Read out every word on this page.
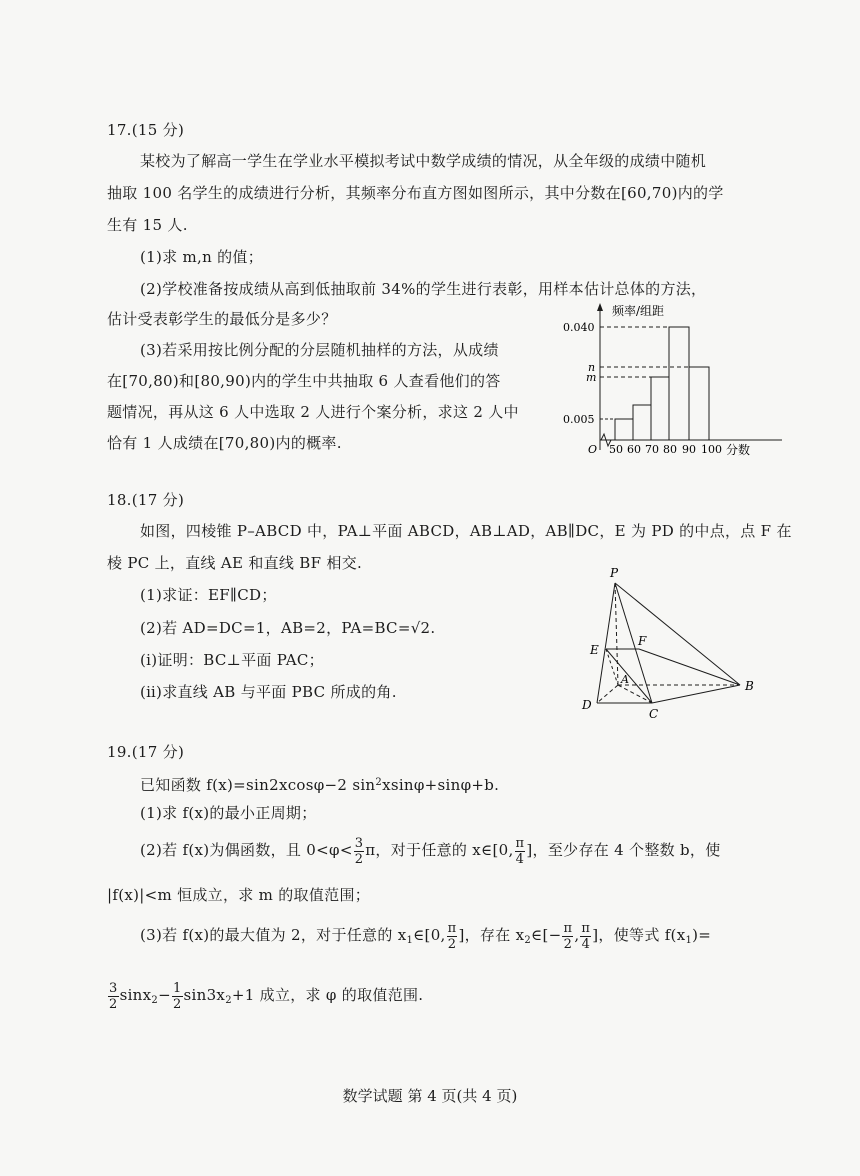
17.(15 分)
某校为了解高一学生在学业水平模拟考试中数学成绩的情况，从全年级的成绩中随机
抽取 100 名学生的成绩进行分析，其频率分布直方图如图所示，其中分数在[60,70)内的学
生有 15 人.
(1)求 m,n 的值；
(2)学校准备按成绩从高到低抽取前 34%的学生进行表彰，用样本估计总体的方法，
估计受表彰学生的最低分是多少？
(3)若采用按比例分配的分层随机抽样的方法，从成绩
在[70,80)和[80,90)内的学生中共抽取 6 人查看他们的答
题情况，再从这 6 人中选取 2 人进行个案分析，求这 2 人中
恰有 1 人成绩在[70,80)内的概率.
频率/组距
0.040
n
m
0.005
O 50 60 70 80 90 100 分数
18.(17 分)
如图，四棱锥 P–ABCD 中，PA⊥平面 ABCD，AB⊥AD，AB∥DC，E 为 PD 的中点，点 F 在
棱 PC 上，直线 AE 和直线 BF 相交.
(1)求证：EF∥CD；
(2)若 AD=DC=1，AB=2，PA=BC=√2.
(ⅰ)证明：BC⊥平面 PAC；
(ⅱ)求直线 AB 与平面 PBC 所成的角.
P
E
F
A	B
C
D
19.(17 分)
已知函数 f(x)=sin2xcosφ−2 $\sin^2xsin\varphi+\sin\varphi+b$.
(1)求 f(x)的最小正周期；
(2)若 f(x)为偶函数，且 $0<\varphi< \frac{3}{2}$ π，对于任意的 x∈[0, $\frac{\pi}{4}$ ]，至少存在 4 个整数 b，使
|f(x)|<m 恒成立，求 m 的取值范围；
(3)若 f(x)的最大值为 2，对于任意的 $x_1\in[0$, $\frac{\pi}{2}$ ]，存在 $x_2\in[- \frac{\pi}{2}$ , $\frac{\pi}{4}$ ]，使等式 $f(x_1)=$
$\frac{3}{2} \sin x_2- \frac{1}{2} \sin 3x_2+1$ 成立，求 φ 的取值范围.
数学试题 第 4 页(共 4 页)
